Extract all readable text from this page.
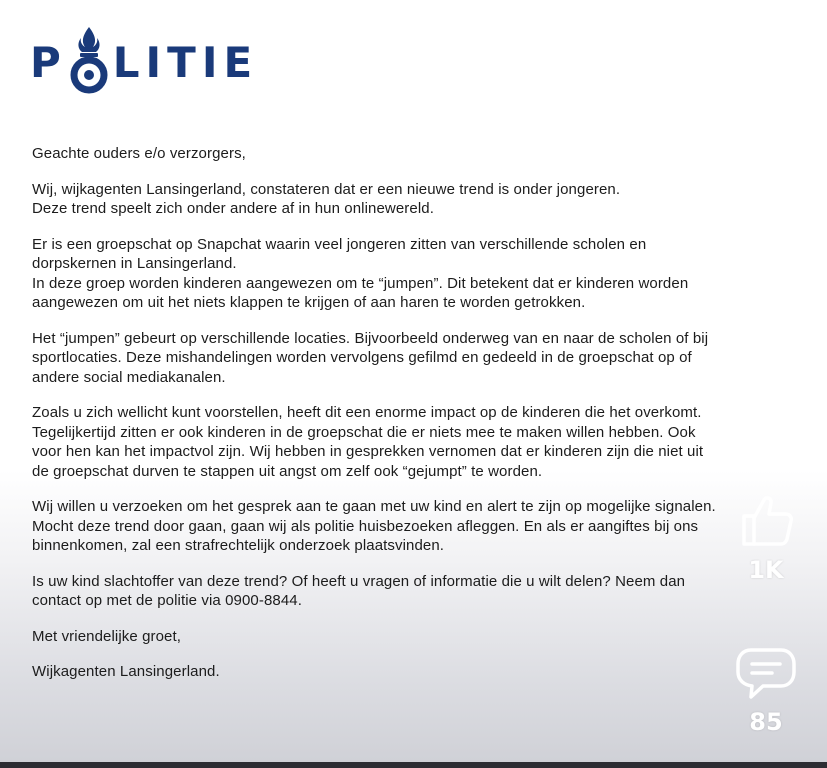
P LITIE

Geachte ouders e/o verzorgers,

Wij, wijkagenten Lansingerland, constateren dat er een nieuwe trend is onder jongeren.
Deze trend speelt zich onder andere af in hun onlinewereld.

Er is een groepschat op Snapchat waarin veel jongeren zitten van verschillende scholen en
dorpskernen in Lansingerland.
In deze groep worden kinderen aangewezen om te “jumpen”. Dit betekent dat er kinderen worden
aangewezen om uit het niets klappen te krijgen of aan haren te worden getrokken.

Het “jumpen” gebeurt op verschillende locaties. Bijvoorbeeld onderweg van en naar de scholen of bij
sportlocaties. Deze mishandelingen worden vervolgens gefilmd en gedeeld in de groepschat op of
andere social mediakanalen.

Zoals u zich wellicht kunt voorstellen, heeft dit een enorme impact op de kinderen die het overkomt.
Tegelijkertijd zitten er ook kinderen in de groepschat die er niets mee te maken willen hebben. Ook
voor hen kan het impactvol zijn. Wij hebben in gesprekken vernomen dat er kinderen zijn die niet uit
de groepschat durven te stappen uit angst om zelf ook “gejumpt” te worden.

Wij willen u verzoeken om het gesprek aan te gaan met uw kind en alert te zijn op mogelijke signalen.
Mocht deze trend door gaan, gaan wij als politie huisbezoeken afleggen. En als er aangiftes bij ons
binnenkomen, zal een strafrechtelijk onderzoek plaatsvinden.

Is uw kind slachtoffer van deze trend? Of heeft u vragen of informatie die u wilt delen? Neem dan
contact op met de politie via 0900-8844.

Met vriendelijke groet,

Wijkagenten Lansingerland.

1K
85
